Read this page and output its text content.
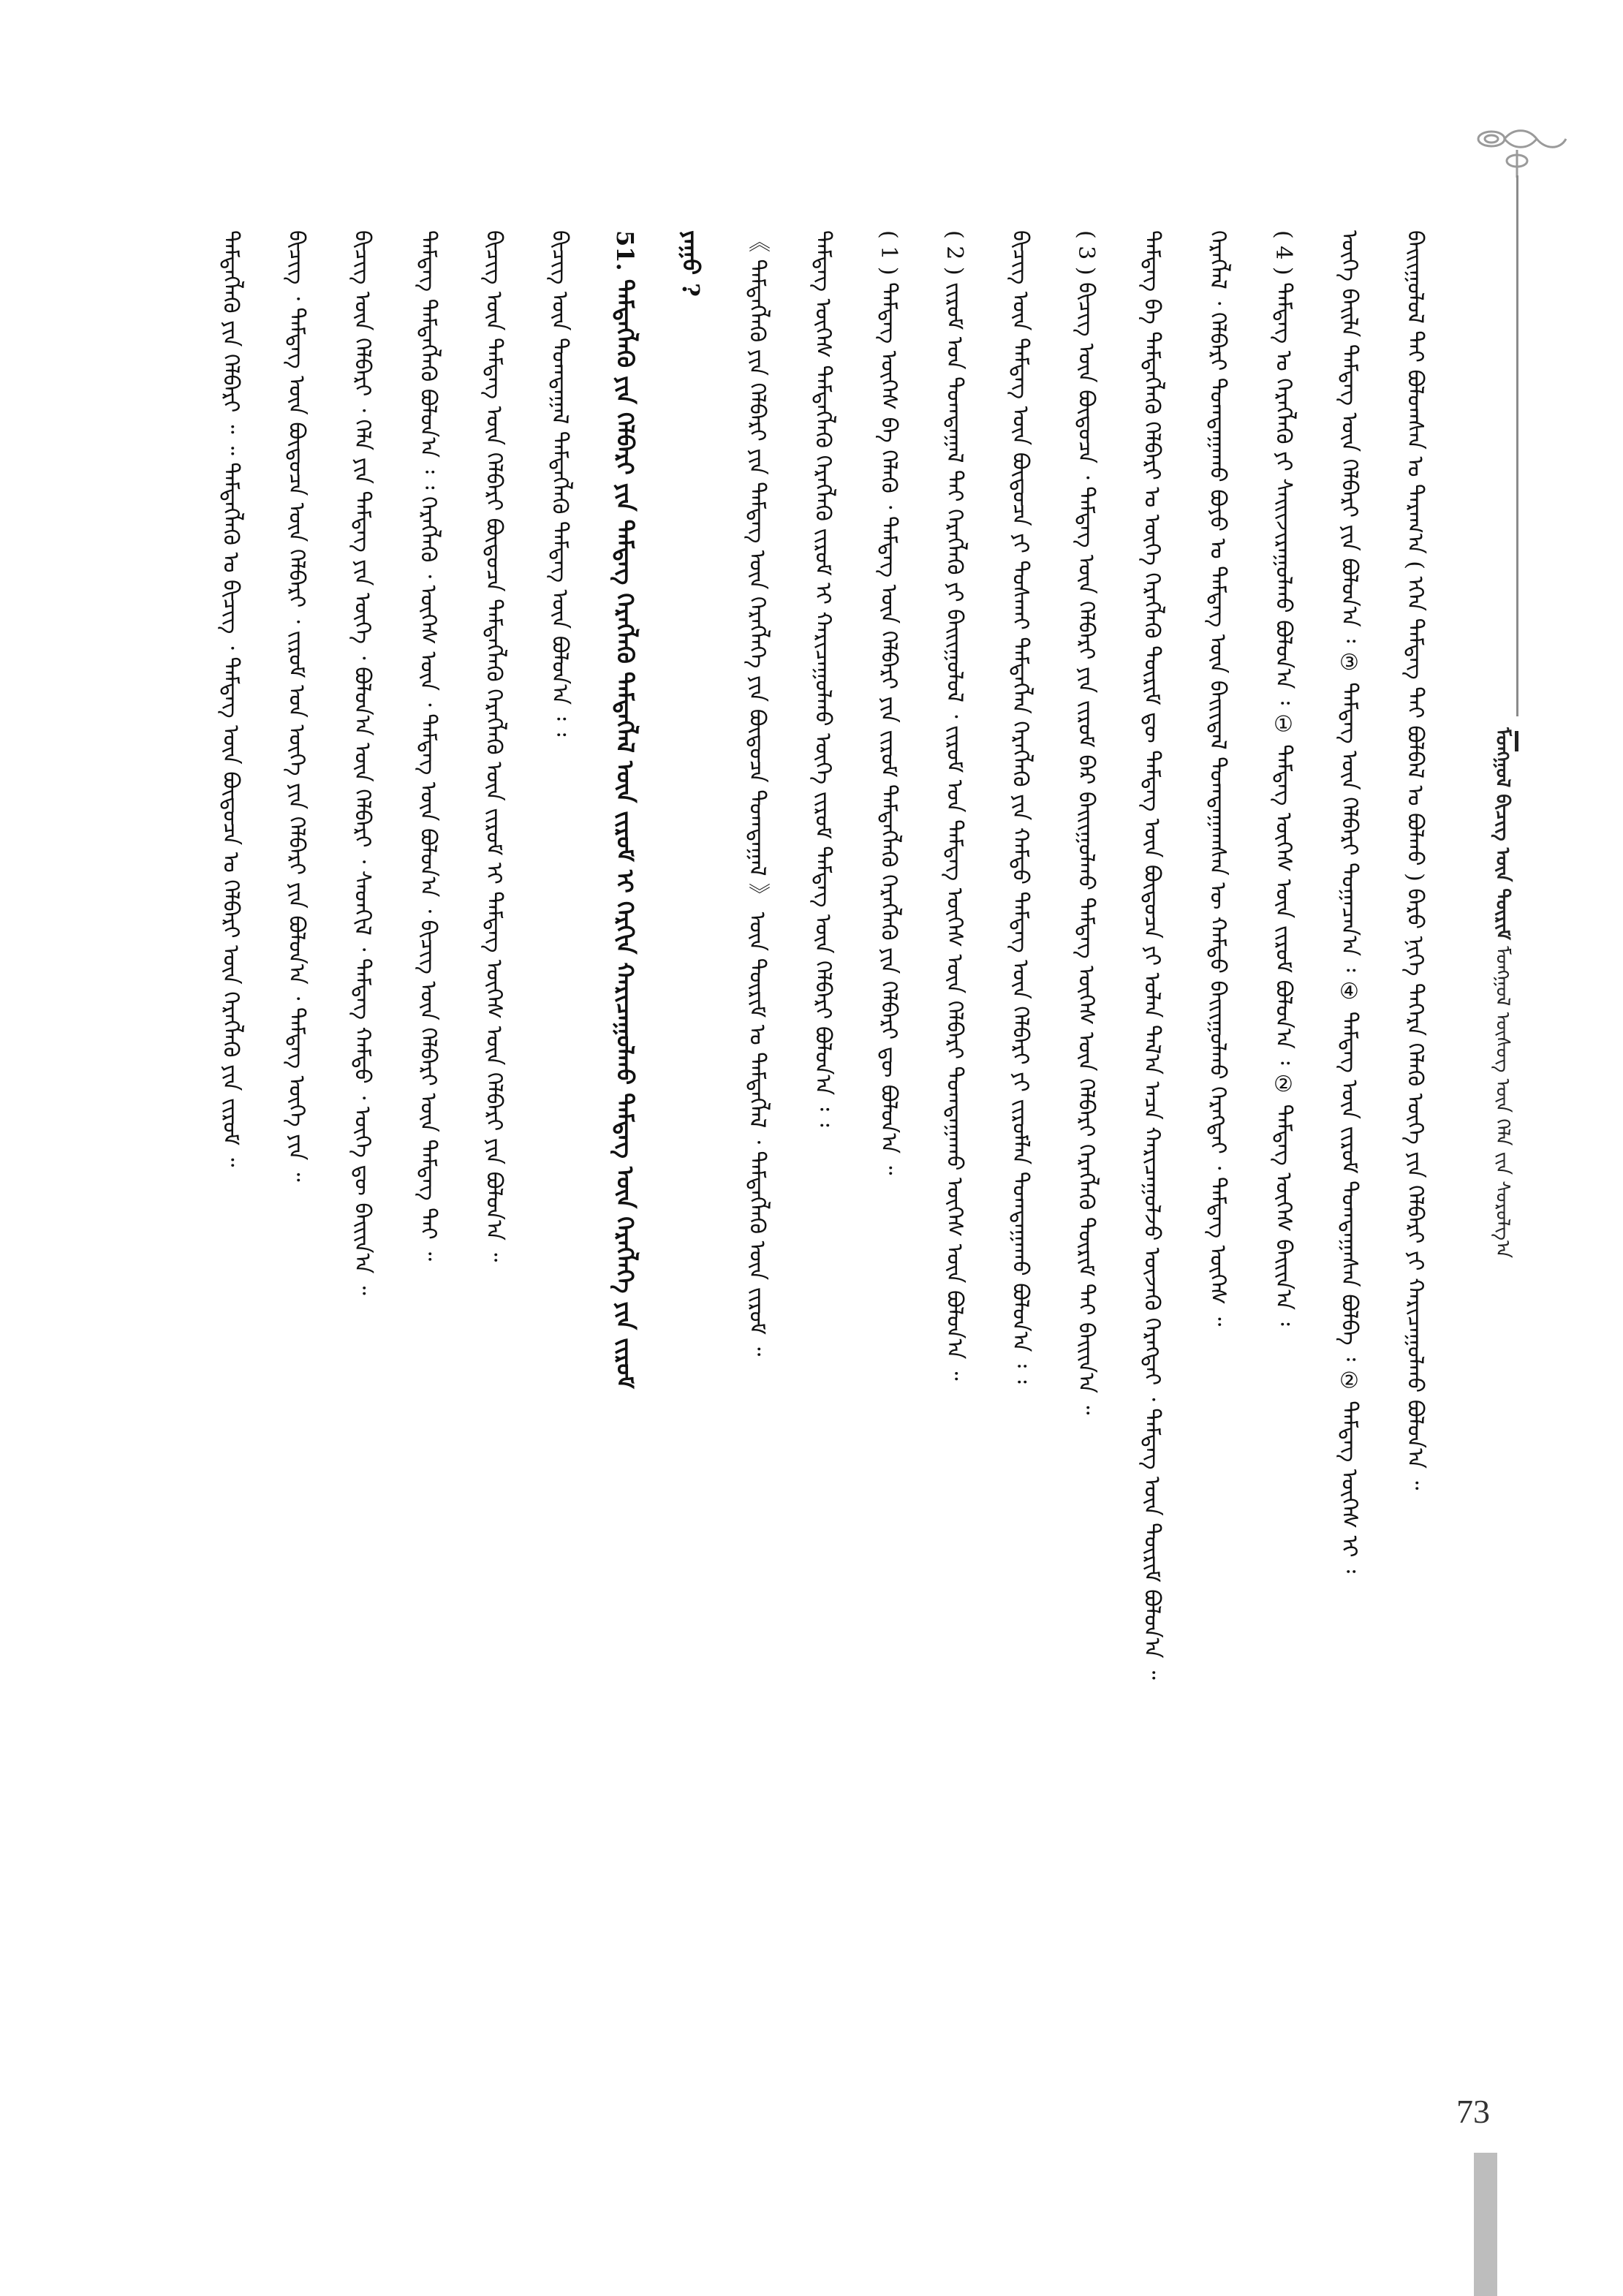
ᠮᠣᠩᠭᠣᠯ ᠪᠢᠴᠢᠭ ᠦᠨ ᠳᠦᠷᠢᠮ ᠮᠣᠩᠭᠣᠯ ᠦᠰᠦᠭ ᠦᠨ ᠬᠡᠯᠡ ᠵᠢᠨ ᠰᠤᠷᠤᠯᠭ᠎ᠠ
ᠪᠠᠢᠢᠭᠤᠯᠤᠯ ᠲᠠᠢ ᠪᠤᠯᠤᠭᠰᠠᠨ ᠤ ᠳᠠᠷᠠᠭ᠎ᠠ ( ᠡᠭᠡᠨ ᠲᠡᠮᠳᠡᠭ ᠲᠠᠢ ᠪᠣᠯᠪᠠᠯ ᠤ ᠪᠣᠯᠬᠤ ) ᠪᠠᠷᠤ ᠨᠢᠭᠡ ᠳᠡᠭᠡᠷᠡ ᠬᠡᠯᠡᠬᠦ ᠦᠭᠡ ᠶᠢᠨ ᠬᠡᠯᠪᠡᠷᠢ ᠶᠢ ᠬᠠᠷᠢᠴᠠᠭᠤᠯᠬᠤ ᠪᠣᠯᠤᠨ᠎ᠠ ᠃
ᠦᠭᠡ ᠪᠠᠢᠯᠠ ᠲᠡᠮᠳᠡᠭ ᠦᠨ ᠬᠡᠯᠪᠡᠷᠢ ᠶᠢᠨ ᠪᠣᠯᠤᠨ᠎ᠠ ᠄ ③ ᠲᠡᠮᠳᠡᠭ ᠦᠨ ᠬᠡᠯᠪᠡᠷᠢ ᠲᠣᠭᠠᠴᠠᠨ᠎ᠠ ᠄ ④ ᠲᠡᠮᠳᠡᠭ ᠦᠨ ᠵᠢᠷᠤᠮ ᠲᠣᠭᠲᠠᠭᠠᠰᠠᠨ ᠪᠣᠯᠪᠠ ᠄ ② ᠲᠡᠮᠳᠡᠭ ᠦᠭᠡᠰ ᠢ ᠄
( 4 ) ᠲᠡᠮᠳᠡᠭ ᠤ ᠬᠡᠷᠡᠭᠯᠡᠬᠦ ᠶᠢ ᠰᠠᠢᠢᠵᠢᠷᠠᠭᠤᠯᠬᠤ ᠪᠣᠯᠤᠨ᠎ᠠ ᠄ ① ᠲᠡᠮᠳᠡᠭ ᠦᠭᠡᠰ ᠦᠨ ᠵᠢᠷᠤᠮ ᠪᠣᠯᠤᠨ᠎ᠠ ᠄ ② ᠲᠡᠮᠳᠡᠭ ᠦᠭᠡᠰ ᠪᠠᠢᠢᠨ᠎ᠠ ᠄
ᠬᠡᠷᠡᠭᠯᠡᠯ ᠂ ᠬᠡᠯᠪᠡᠷᠢ ᠲᠣᠭᠲᠠᠭᠠᠬᠤ ᠪᠤᠶᠤ ᠤ ᠲᠡᠮᠳᠡᠭ ᠦᠨ ᠪᠠᠢᠢᠳᠠᠯ ᠲᠣᠭᠲᠠᠭᠠᠭᠰᠠᠨ ᠦ ᠬᠠᠮᠲᠤ ᠪᠠᠢᠢᠭᠤᠯᠬᠤ ᠬᠡᠷᠡᠭᠲᠡᠢ ᠂ ᠲᠡᠮᠳᠡᠭ ᠦᠭᠡᠰ ᠃
ᠲᠡᠮᠳᠡᠭ ᠪᠡ ᠲᠡᠮᠳᠡᠭᠯᠡᠬᠦ ᠬᠡᠯᠪᠡᠷᠢ ᠤ ᠦᠭᠡ ᠬᠡᠷᠡᠭᠯᠡᠬᠦ ᠳᠦᠷᠢᠮ ᠳᠦ ᠲᠡᠮᠳᠡᠭ ᠦᠨ ᠪᠦᠲᠦᠴᠡ ᠶᠢ ᠣᠯᠠᠨ ᠲᠠᠯ᠎ᠠ ᠠᠴᠠ ᠬᠠᠷᠢᠴᠠᠭᠤᠯᠵᠤ ᠦᠵᠡᠬᠦ ᠬᠡᠷᠡᠭᠲᠡᠢ ᠂ ᠲᠡᠮᠳᠡᠭ ᠦᠨ ᠳᠦᠷᠢᠮ ᠪᠣᠯᠤᠨ᠎ᠠ ᠃
( 3 ) ᠪᠢᠴᠢᠭ ᠦᠨ ᠪᠦᠲᠦᠴᠡ ᠂ ᠲᠡᠮᠳᠡᠭ ᠦᠨ ᠬᠡᠯᠪᠡᠷᠢ ᠶᠢᠨ ᠵᠢᠷᠤᠮ ᠪᠠᠷ ᠪᠠᠢᠢᠭᠤᠯᠬᠤ ᠲᠡᠮᠳᠡᠭ ᠦᠭᠡᠰ ᠦᠨ ᠬᠡᠯᠪᠡᠷᠢ ᠬᠡᠷᠡᠭᠯᠡᠬᠦ ᠳᠦᠷᠢᠮ ᠲᠠᠢ ᠪᠠᠢᠢᠨ᠎ᠠ ᠃
ᠪᠢᠴᠢᠭ ᠦᠨ ᠲᠡᠮᠳᠡᠭ ᠦᠨ ᠪᠦᠲᠦᠴᠡ ᠶᠢ ᠲᠤᠰᠬᠠᠢ ᠲᠡᠮᠳᠡᠭᠯᠡᠨ ᠬᠡᠷᠡᠭᠯᠡᠬᠦ ᠶᠢᠨ ᠬᠠᠮᠲᠤ ᠲᠡᠮᠳᠡᠭ ᠦᠨ ᠬᠡᠯᠪᠡᠷᠢ ᠶᠢ ᠵᠢᠷᠤᠮᠯᠠᠨ ᠲᠣᠭᠲᠠᠭᠠᠬᠤ ᠪᠣᠯᠤᠨ᠎ᠠ ᠄ ᠄
( 2 ) ᠵᠢᠷᠤᠮ ᠤᠨ ᠲᠣᠭᠲᠠᠭᠠᠯ ᠲᠡᠢ ᠬᠡᠷᠡᠭᠯᠡᠬᠦ ᠶᠢ ᠪᠠᠢᠢᠭᠤᠯᠤᠯ ᠂ ᠵᠢᠷᠤᠮ ᠤᠨ ᠲᠡᠮᠳᠡᠭ ᠦᠭᠡᠰ ᠦᠨ ᠬᠡᠯᠪᠡᠷᠢ ᠲᠣᠭᠲᠠᠭᠠᠬᠤ ᠦᠭᠡᠰ ᠦᠨ ᠪᠣᠯᠤᠨ᠎ᠠ ᠃
( 1 ) ᠲᠡᠮᠳᠡᠭ ᠦᠭᠡᠰ ᠪᠡ ᠬᠡᠯᠡᠬᠦ ᠂ ᠲᠡᠮᠳᠡᠭ ᠦᠨ ᠬᠡᠯᠪᠡᠷᠢ ᠶᠢᠨ ᠵᠢᠷᠤᠮ ᠲᠡᠮᠳᠡᠭᠯᠡᠬᠦ ᠬᠡᠷᠡᠭᠯᠡᠬᠦ ᠶᠢᠨ ᠬᠡᠯᠪᠡᠷᠢ ᠳᠦ ᠪᠣᠯᠤᠨ᠎ᠠ ᠃
ᠲᠡᠮᠳᠡᠭ ᠦᠭᠡᠰ ᠲᠡᠮᠳᠡᠭᠯᠡᠬᠦ ᠬᠡᠷᠡᠭᠯᠡᠬᠦ ᠵᠢᠷᠤᠮ ᠢ ᠬᠠᠷᠢᠴᠠᠭᠤᠯᠬᠤ ᠦᠭᠡ ᠵᠢᠷᠤᠮ ᠲᠡᠮᠳᠡᠭ ᠦᠨ ᠬᠡᠯᠪᠡᠷᠢ ᠪᠣᠯᠤᠨ᠎ᠠ ᠄ ᠄
《 ᠲᠡᠮᠳᠡᠭᠯᠡᠬᠦ ᠶᠢᠨ ᠬᠡᠯᠪᠡᠷᠢ ᠶᠢᠨ ᠲᠡᠮᠳᠡᠭ ᠦᠨ ᠬᠡᠷᠡᠭᠯᠡᠭᠡ ᠶᠢᠨ ᠪᠦᠲᠦᠴᠡ ᠲᠣᠭᠲᠠᠭᠠᠯ 》 ᠦᠨ ᠳᠦᠷᠢᠮ ᠤ ᠲᠡᠮᠳᠡᠭᠯᠡᠯ ᠂ ᠲᠡᠮᠳᠡᠭᠯᠡᠬᠦ ᠦᠨ ᠵᠢᠷᠤᠮ ᠃
ᠶᠠᠭᠤ ?
51. ᠲᠡᠮᠳᠡᠭᠯᠡᠬᠦ ᠶᠢᠨ ᠬᠡᠯᠪᠡᠷᠢ ᠶᠢᠨ ᠲᠡᠮᠳᠡᠭ ᠬᠡᠷᠡᠭᠯᠡᠬᠦ ᠲᠡᠮᠳᠡᠭᠯᠡᠯ ᠦᠨ ᠵᠢᠷᠤᠮ ᠢ ᠬᠡᠷᠬᠢᠨ ᠬᠠᠷᠢᠴᠠᠭᠤᠯᠬᠤ ᠲᠡᠮᠳᠡᠭ ᠦᠨ ᠬᠡᠷᠡᠭᠯᠡᠭᠡ ᠶᠢᠨ ᠵᠢᠷᠤᠮ
ᠪᠢᠴᠢᠭ ᠦᠨ ᠲᠣᠭᠲᠠᠭᠠᠯ ᠲᠡᠮᠳᠡᠭᠯᠡᠬᠦ ᠲᠡᠮᠳᠡᠭ ᠦᠨ ᠪᠣᠯᠤᠨ᠎ᠠ ᠄ ᠄
ᠪᠢᠴᠢᠭ ᠦᠨ ᠲᠡᠮᠳᠡᠭ ᠦᠨ ᠬᠡᠯᠪᠡᠷᠢ ᠪᠦᠲᠦᠴᠡ ᠲᠡᠮᠳᠡᠭᠯᠡᠬᠦ ᠬᠡᠷᠡᠭᠯᠡᠬᠦ ᠦᠨ ᠵᠢᠷᠤᠮ ᠢ ᠲᠡᠮᠳᠡᠭ ᠦᠭᠡᠰ ᠦᠨ ᠬᠡᠯᠪᠡᠷᠢ ᠶᠢᠨ ᠪᠣᠯᠤᠨ᠎ᠠ ᠃
ᠲᠡᠮᠳᠡᠭ ᠲᠡᠮᠳᠡᠭᠯᠡᠬᠦ ᠪᠣᠯᠤᠨ᠎ᠠ ᠄ ᠄ ᠬᠡᠷᠡᠭᠯᠡᠬᠦ ᠂ ᠦᠭᠡᠰ ᠦᠨ ᠂ ᠲᠡᠮᠳᠡᠭ ᠦᠨ ᠪᠣᠯᠤᠨ᠎ᠠ ᠂ ᠪᠢᠴᠢᠭ ᠦᠨ ᠬᠡᠯᠪᠡᠷᠢ ᠦᠨ ᠲᠡᠮᠳᠡᠭ ᠲᠡᠢ ᠃
ᠪᠢᠴᠢᠭ ᠦᠨ ᠬᠡᠯᠪᠡᠷᠢ ᠂ ᠬᠡᠯᠡ ᠶᠢᠨ ᠲᠡᠮᠳᠡᠭ ᠶᠢᠨ ᠦᠭᠡ ᠂ ᠪᠣᠯᠤᠨ᠎ᠠ ᠦᠨ ᠬᠡᠯᠪᠡᠷᠢ ᠂ ᠰᠡᠳᠬᠢᠯ ᠂ ᠲᠡᠮᠳᠡᠭ ᠬᠠᠮᠲᠤ ᠂ ᠦᠭᠡ ᠳᠦ ᠪᠠᠢᠢᠨ᠎ᠠ ᠃
ᠪᠢᠴᠢᠭ ᠂ ᠲᠡᠮᠳᠡᠭ ᠦᠨ ᠪᠦᠲᠦᠴᠡ ᠦᠨ ᠬᠡᠯᠪᠡᠷᠢ ᠂ ᠵᠢᠷᠤᠮ ᠤᠨ ᠦᠭᠡ ᠶᠢᠨ ᠬᠡᠯᠪᠡᠷᠢ ᠶᠢᠨ ᠪᠣᠯᠤᠨ᠎ᠠ ᠂ ᠲᠡᠮᠳᠡᠭ ᠦᠭᠡ ᠶᠢᠨ ᠃
ᠲᠡᠮᠳᠡᠭᠯᠡᠬᠦ ᠶᠢᠨ ᠬᠡᠯᠪᠡᠷᠢ ᠃ ᠃ ᠲᠡᠮᠳᠡᠭᠯᠡᠬᠦ ᠤ ᠪᠢᠴᠢᠭ ᠂ ᠲᠡᠮᠳᠡᠭ ᠦᠨ ᠪᠦᠲᠦᠴᠡ ᠤ ᠬᠡᠯᠪᠡᠷᠢ ᠦᠨ ᠬᠡᠷᠡᠭᠯᠡᠬᠦ ᠶᠢᠨ ᠵᠢᠷᠤᠮ ᠃
73
